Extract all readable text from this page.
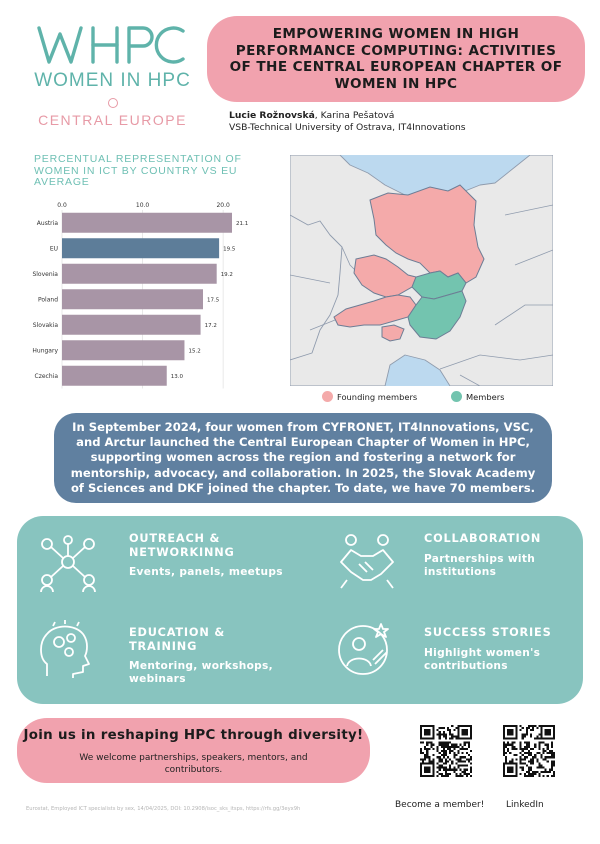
WOMEN IN HPC
CENTRAL EUROPE
EMPOWERING WOMEN IN HIGH PERFORMANCE COMPUTING: ACTIVITIES OF THE CENTRAL EUROPEAN CHAPTER OF WOMEN IN HPC
Lucie Rožnovská, Karina Pešatová
VSB-Technical University of Ostrava, IT4Innovations
PERCENTUAL REPRESENTATION OF WOMEN IN ICT BY COUNTRY VS EU AVERAGE
0.0	10.0	20.0
Austria	21.1
EU	19.5
Slovenia	19.2
Poland	17.5
Slovakia	17.2
Hungary	15.2
Czechia	13.0
Founding members	Members
In September 2024, four women from CYFRONET, IT4Innovations, VSC, and Arctur launched the Central European Chapter of Women in HPC, supporting women across the region and fostering a network for mentorship, advocacy, and collaboration. In 2025, the Slovak Academy of Sciences and DKF joined the chapter. To date, we have 70 members.
OUTREACH & NETWORKINNG
Events, panels, meetups
COLLABORATION
Partnerships with institutions
EDUCATION & TRAINING
Mentoring, workshops, webinars
SUCCESS STORIES
Highlight women's contributions
Join us in reshaping HPC through diversity!
We welcome partnerships, speakers, mentors, and contributors.
Become a member! LinkedIn
Eurostat, Employed ICT specialists by sex, 14/04/2025, DOI: 10.2908/isoc_sks_itsps, https://rfs.gg/3eyx9h
